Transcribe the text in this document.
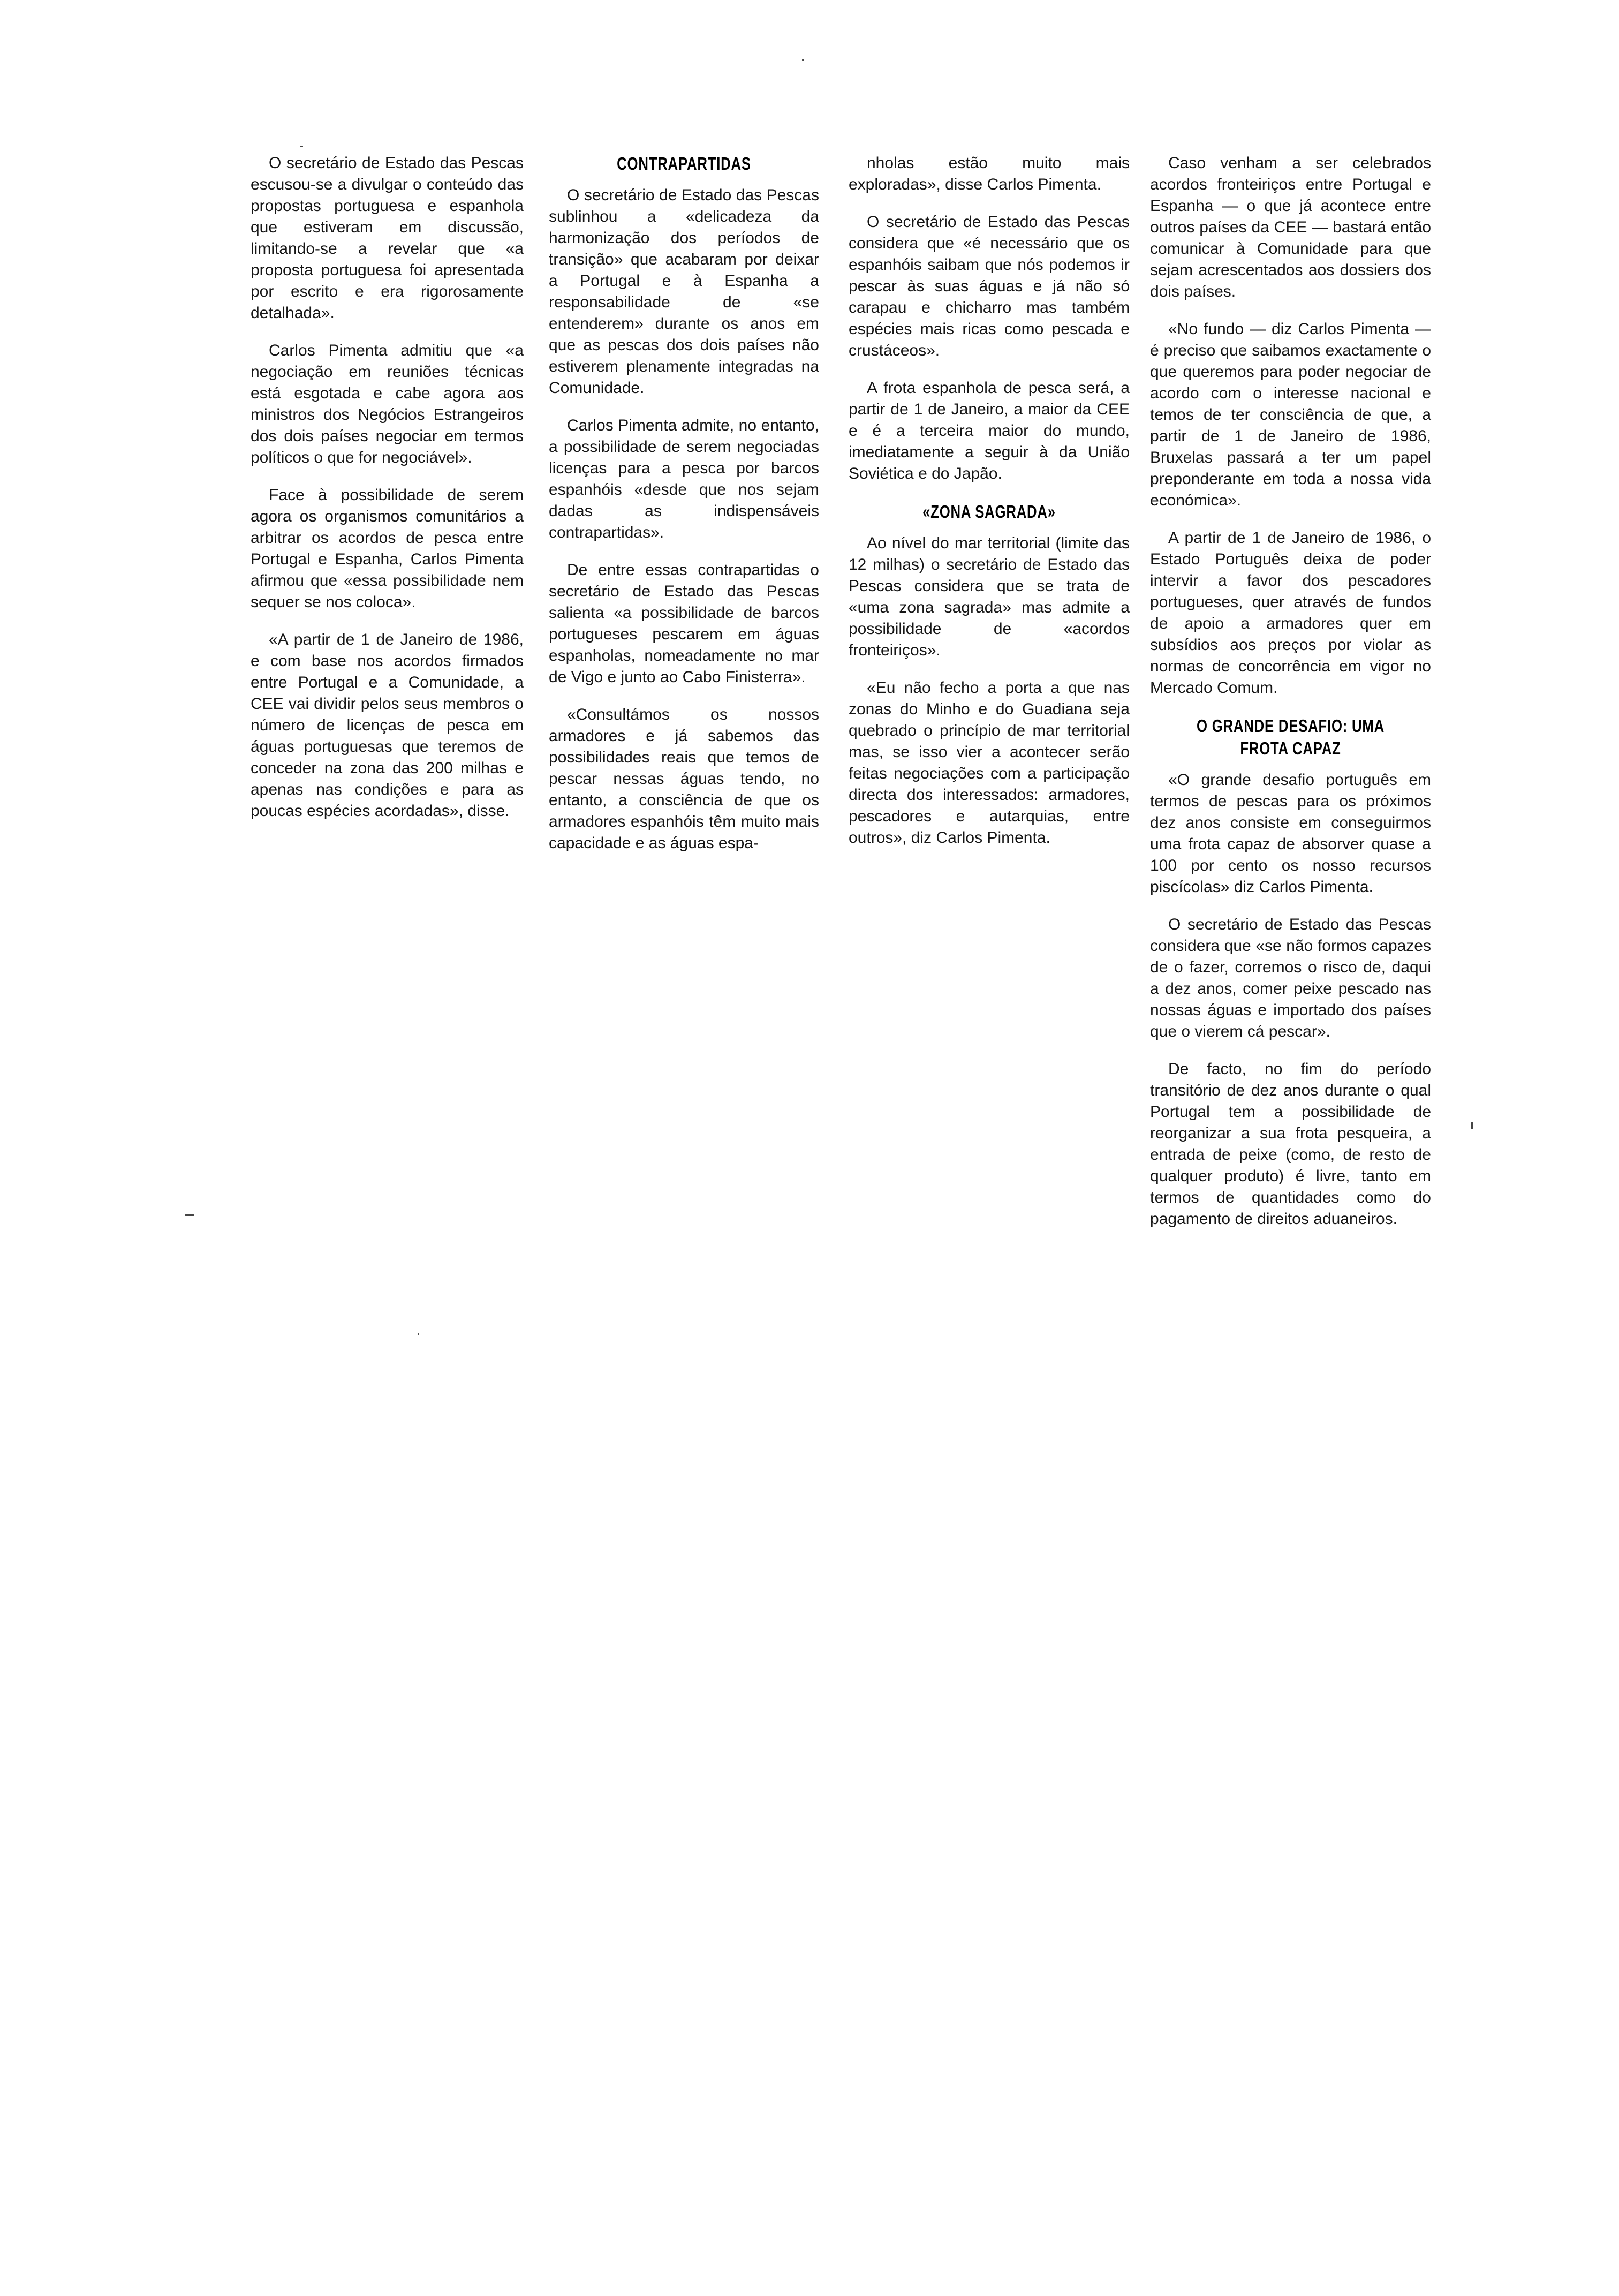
O secretário de Estado das Pescas escusou-se a divulgar o conteúdo das propostas portuguesa e espanhola que estiveram em discussão, limitando-se a revelar que «a proposta portuguesa foi apresentada por escrito e era rigorosamente detalhada».

Carlos Pimenta admitiu que «a negociação em reuniões técnicas está esgotada e cabe agora aos ministros dos Negócios Estrangeiros dos dois países negociar em termos políticos o que for negociável».

Face à possibilidade de serem agora os organismos comunitários a arbitrar os acordos de pesca entre Portugal e Espanha, Carlos Pimenta afirmou que «essa possibilidade nem sequer se nos coloca».

«A partir de 1 de Janeiro de 1986, e com base nos acordos firmados entre Portugal e a Comunidade, a CEE vai dividir pelos seus membros o número de licenças de pesca em águas portuguesas que teremos de conceder na zona das 200 milhas e apenas nas condições e para as poucas espécies acordadas», disse.

CONTRAPARTIDAS

O secretário de Estado das Pescas sublinhou a «delicadeza da harmonização dos períodos de transição» que acabaram por deixar a Portugal e à Espanha a responsabilidade de «se entenderem» durante os anos em que as pescas dos dois países não estiverem plenamente integradas na Comunidade.

Carlos Pimenta admite, no entanto, a possibilidade de serem negociadas licenças para a pesca por barcos espanhóis «desde que nos sejam dadas as indispensáveis contrapartidas».

De entre essas contrapartidas o secretário de Estado das Pescas salienta «a possibilidade de barcos portugueses pescarem em águas espanholas, nomeadamente no mar de Vigo e junto ao Cabo Finisterra».

«Consultámos os nossos armadores e já sabemos das possibilidades reais que temos de pescar nessas águas tendo, no entanto, a consciência de que os armadores espanhóis têm muito mais capacidade e as águas espa-

nholas estão muito mais exploradas», disse Carlos Pimenta.

O secretário de Estado das Pescas considera que «é necessário que os espanhóis saibam que nós podemos ir pescar às suas águas e já não só carapau e chicharro mas também espécies mais ricas como pescada e crustáceos».

A frota espanhola de pesca será, a partir de 1 de Janeiro, a maior da CEE e é a terceira maior do mundo, imediatamente a seguir à da União Soviética e do Japão.

«ZONA SAGRADA»

Ao nível do mar territorial (limite das 12 milhas) o secretário de Estado das Pescas considera que se trata de «uma zona sagrada» mas admite a possibilidade de «acordos fronteiriços».

«Eu não fecho a porta a que nas zonas do Minho e do Guadiana seja quebrado o princípio de mar territorial mas, se isso vier a acontecer serão feitas negociações com a participação directa dos interessados: armadores, pescadores e autarquias, entre outros», diz Carlos Pimenta.

Caso venham a ser celebrados acordos fronteiriços entre Portugal e Espanha — o que já acontece entre outros países da CEE — bastará então comunicar à Comunidade para que sejam acrescentados aos dossiers dos dois países.

«No fundo — diz Carlos Pimenta — é preciso que saibamos exactamente o que queremos para poder negociar de acordo com o interesse nacional e temos de ter consciência de que, a partir de 1 de Janeiro de 1986, Bruxelas passará a ter um papel preponderante em toda a nossa vida económica».

A partir de 1 de Janeiro de 1986, o Estado Português deixa de poder intervir a favor dos pescadores portugueses, quer através de fundos de apoio a armadores quer em subsídios aos preços por violar as normas de concorrência em vigor no Mercado Comum.

O GRANDE DESAFIO: UMA FROTA CAPAZ

«O grande desafio português em termos de pescas para os próximos dez anos consiste em conseguirmos uma frota capaz de absorver quase a 100 por cento os nosso recursos piscícolas» diz Carlos Pimenta.

O secretário de Estado das Pescas considera que «se não formos capazes de o fazer, corremos o risco de, daqui a dez anos, comer peixe pescado nas nossas águas e importado dos países que o vierem cá pescar».

De facto, no fim do período transitório de dez anos durante o qual Portugal tem a possibilidade de reorganizar a sua frota pesqueira, a entrada de peixe (como, de resto de qualquer produto) é livre, tanto em termos de quantidades como do pagamento de direitos aduaneiros.
